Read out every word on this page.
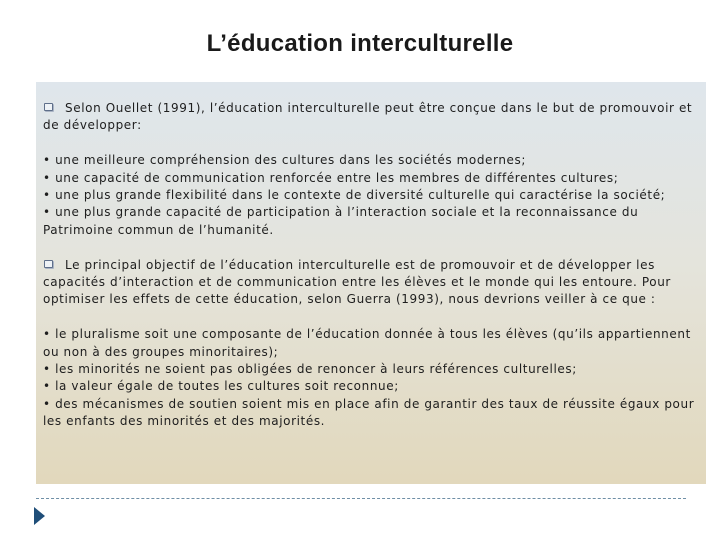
L’éducation interculturelle

Selon Ouellet (1991), l’éducation interculturelle peut être conçue dans le but de promouvoir et de développer:

• une meilleure compréhension des cultures dans les sociétés modernes;

• une capacité de communication renforcée entre les membres de différentes cultures;

• une plus grande flexibilité dans le contexte de diversité culturelle qui caractérise la société;

• une plus grande capacité de participation à l’interaction sociale et la reconnaissance du Patrimoine commun de l’humanité.

Le principal objectif de l’éducation interculturelle est de promouvoir et de développer les capacités d’interaction et de communication entre les élèves et le monde qui les entoure. Pour optimiser les effets de cette éducation, selon Guerra (1993), nous devrions veiller à ce que :

• le pluralisme soit une composante de l’éducation donnée à tous les élèves (qu’ils appartiennent ou non à des groupes minoritaires);

• les minorités ne soient pas obligées de renoncer à leurs références culturelles;

• la valeur égale de toutes les cultures soit reconnue;

• des mécanismes de soutien soient mis en place afin de garantir des taux de réussite égaux pour les enfants des minorités et des majorités.
